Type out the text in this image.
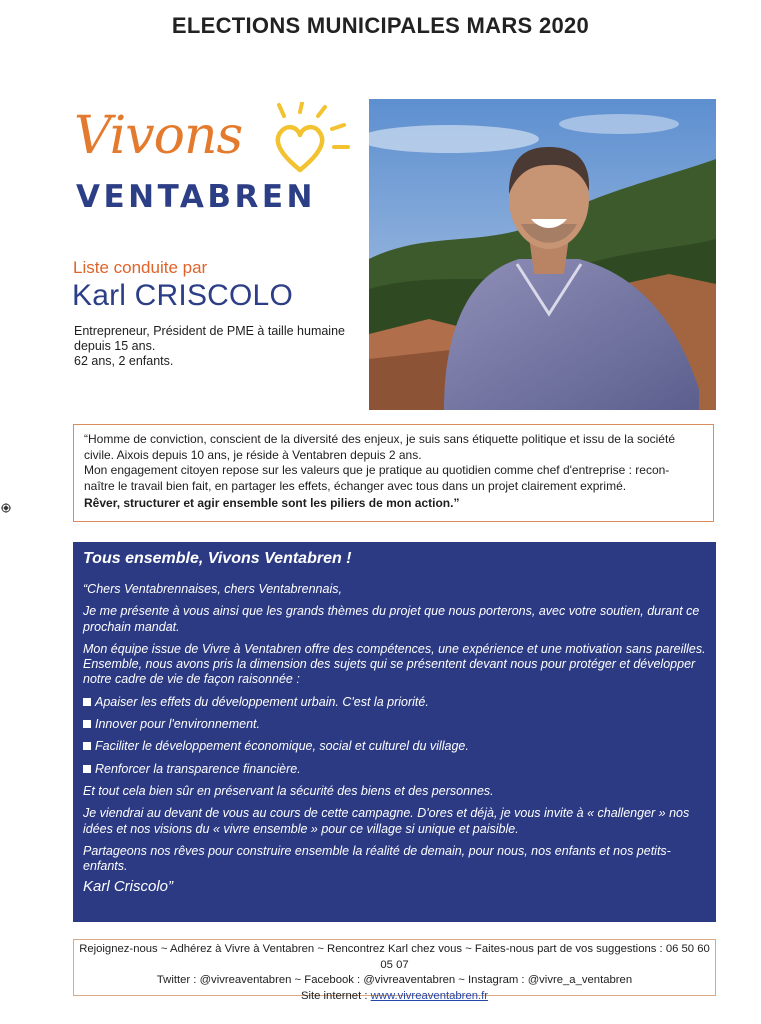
ELECTIONS MUNICIPALES MARS 2020
Vivons
VENTABREN
Liste conduite par
Karl CRISCOLO
Entrepreneur, Président de PME à taille humaine
depuis 15 ans.
62 ans, 2 enfants.

“Homme de conviction, conscient de la diversité des enjeux, je suis sans étiquette politique et issu de la société

civile. Aixois depuis 10 ans, je réside à Ventabren depuis 2 ans.

Mon engagement citoyen repose sur les valeurs que je pratique au quotidien comme chef d'entreprise : recon-

naître le travail bien fait, en partager les effets, échanger avec tous dans un projet clairement exprimé.

Rêver, structurer et agir ensemble sont les piliers de mon action.”

Tous ensemble, Vivons Ventabren !

“Chers Ventabrennaises, chers Ventabrennais,

Je me présente à vous ainsi que les grands thèmes du projet que nous porterons, avec votre soutien, durant ce prochain mandat.

Mon équipe issue de Vivre à Ventabren offre des compétences, une expérience et une motivation sans pareilles. Ensemble, nous avons pris la dimension des sujets qui se présentent devant nous pour protéger et développer notre cadre de vie de façon raisonnée :

Apaiser les effets du développement urbain. C'est la priorité.
Innover pour l'environnement.
Faciliter le développement économique, social et culturel du village.
Renforcer la transparence financière.

Et tout cela bien sûr en préservant la sécurité des biens et des personnes.

Je viendrai au devant de vous au cours de cette campagne. D'ores et déjà, je vous invite à « challenger » nos idées et nos visions du « vivre ensemble » pour ce village si unique et paisible.

Partageons nos rêves pour construire ensemble la réalité de demain, pour nous, nos enfants et nos petits-enfants.

Karl Criscolo”
Rejoignez-nous ~ Adhérez à Vivre à Ventabren ~ Rencontrez Karl chez vous ~ Faites-nous part de vos suggestions : 06 50 60 05 07
Twitter : @vivreaventabren ~ Facebook : @vivreaventabren ~ Instagram : @vivre_a_ventabren
Site internet : www.vivreaventabren.fr
